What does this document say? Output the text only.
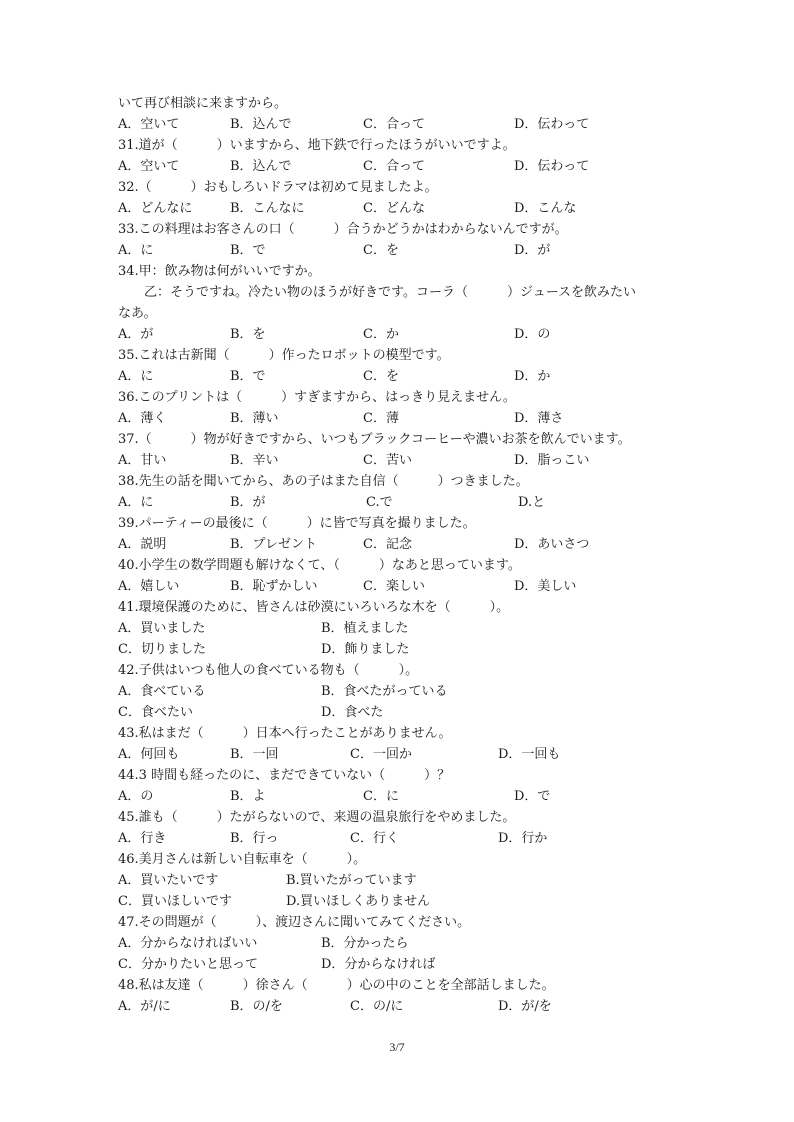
いて再び相談に来ますから。
A．空いて	B．込んで	C．合って	D．伝わって
31.道が（　　　）いますから、地下鉄で行ったほうがいいですよ。
A．空いて	B．込んで	C．合って	D．伝わって
32.（　　　）おもしろいドラマは初めて見ましたよ。
A．どんなに	B．こんなに	C．どんな	D．こんな
33.この料理はお客さんの口（　　　）合うかどうかはわからないんですが。
A．に	B．で	C．を	D．が
34.甲：飲み物は何がいいですか。
乙：そうですね。冷たい物のほうが好きです。コーラ（　　　）ジュースを飲みたい
なあ。
A．が	B．を	C．か	D．の
35.これは古新聞（　　　）作ったロボットの模型です。
A．に	B．で	C．を	D．か
36.このプリントは（　　　）すぎますから、はっきり見えません。
A．薄く	B．薄い	C．薄	D．薄さ
37.（　　　）物が好きですから、いつもブラックコーヒーや濃いお茶を飲んでいます。
A．甘い	B．辛い	C．苦い	D．脂っこい
38.先生の話を聞いてから、あの子はまた自信（　　　）つきました。
A．に	B．が	C.で	D.と
39.パーティーの最後に（　　　）に皆で写真を撮りました。
A．説明	B．プレゼント	C．記念	D．あいさつ
40.小学生の数学問題も解けなくて、（　　　）なあと思っています。
A．嬉しい	B．恥ずかしい	C．楽しい	D．美しい
41.環境保護のために、皆さんは砂漠にいろいろな木を（　　　）。
A．買いました	B．植えました
C．切りました	D．飾りました
42.子供はいつも他人の食べている物も（　　　）。
A．食べている	B．食べたがっている
C．食べたい	D．食べた
43.私はまだ（　　　）日本へ行ったことがありません。
A．何回も	B．一回	C．一回か	D．一回も
44.3 時間も経ったのに、まだできていない（　　　）？
A．の	B．よ	C．に	D．で
45.誰も（　　　）たがらないので、来週の温泉旅行をやめました。
A．行き	B．行っ	C．行く	D．行か
46.美月さんは新しい自転車を（　　　）。
A．買いたいです	B.買いたがっています
C．買いほしいです	D.買いほしくありません
47.その問題が（　　　）、渡辺さんに聞いてみてください。
A．分からなければいい	B．分かったら
C．分かりたいと思って	D．分からなければ
48.私は友達（　　　）徐さん（　　　）心の中のことを全部話しました。
A．が/に	B．の/を	C．の/に	D．が/を
3/7
